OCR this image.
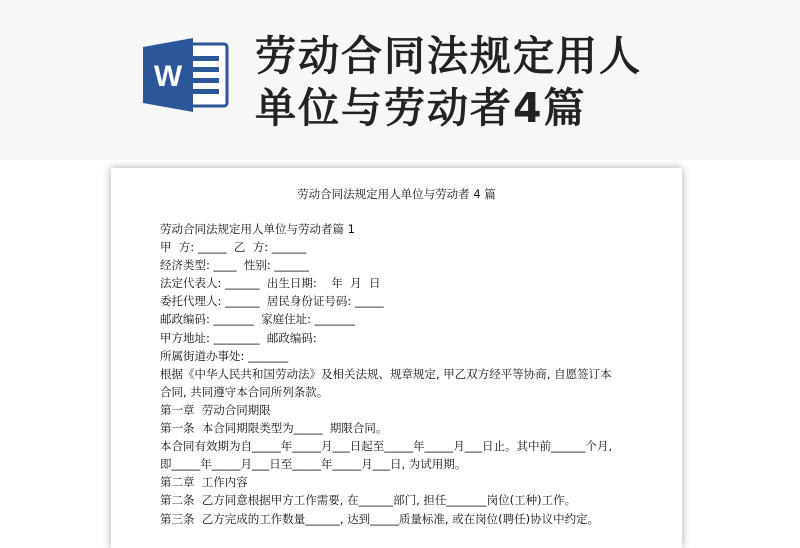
W 劳动合同法规定用人
单位与劳动者4篇
劳动合同法规定用人单位与劳动者 4 篇
劳动合同法规定用人单位与劳动者篇 1
甲  方: _____  乙  方: ______
经济类型: ____  性别: ______
法定代表人: ______  出生日期:    年  月  日
委托代理人: ______  居民身份证号码: _____
邮政编码: _______  家庭住址: _______
甲方地址: ________  邮政编码:
所属街道办事处: _______
根据《中华人民共和国劳动法》及相关法规、规章规定, 甲乙双方经平等协商, 自愿签订本
合同, 共同遵守本合同所列条款。
第一章  劳动合同期限
第一条  本合同期限类型为_____  期限合同。
本合同有效期为自_____年_____月___日起至_____年_____月___日止。其中前______个月,
即_____年_____月___日至_____年_____月___日, 为试用期。
第二章  工作内容
第二条  乙方同意根据甲方工作需要, 在______部门, 担任_______岗位(工种)工作。
第三条  乙方完成的工作数量______, 达到_____质量标准, 或在岗位(聘任)协议中约定。
